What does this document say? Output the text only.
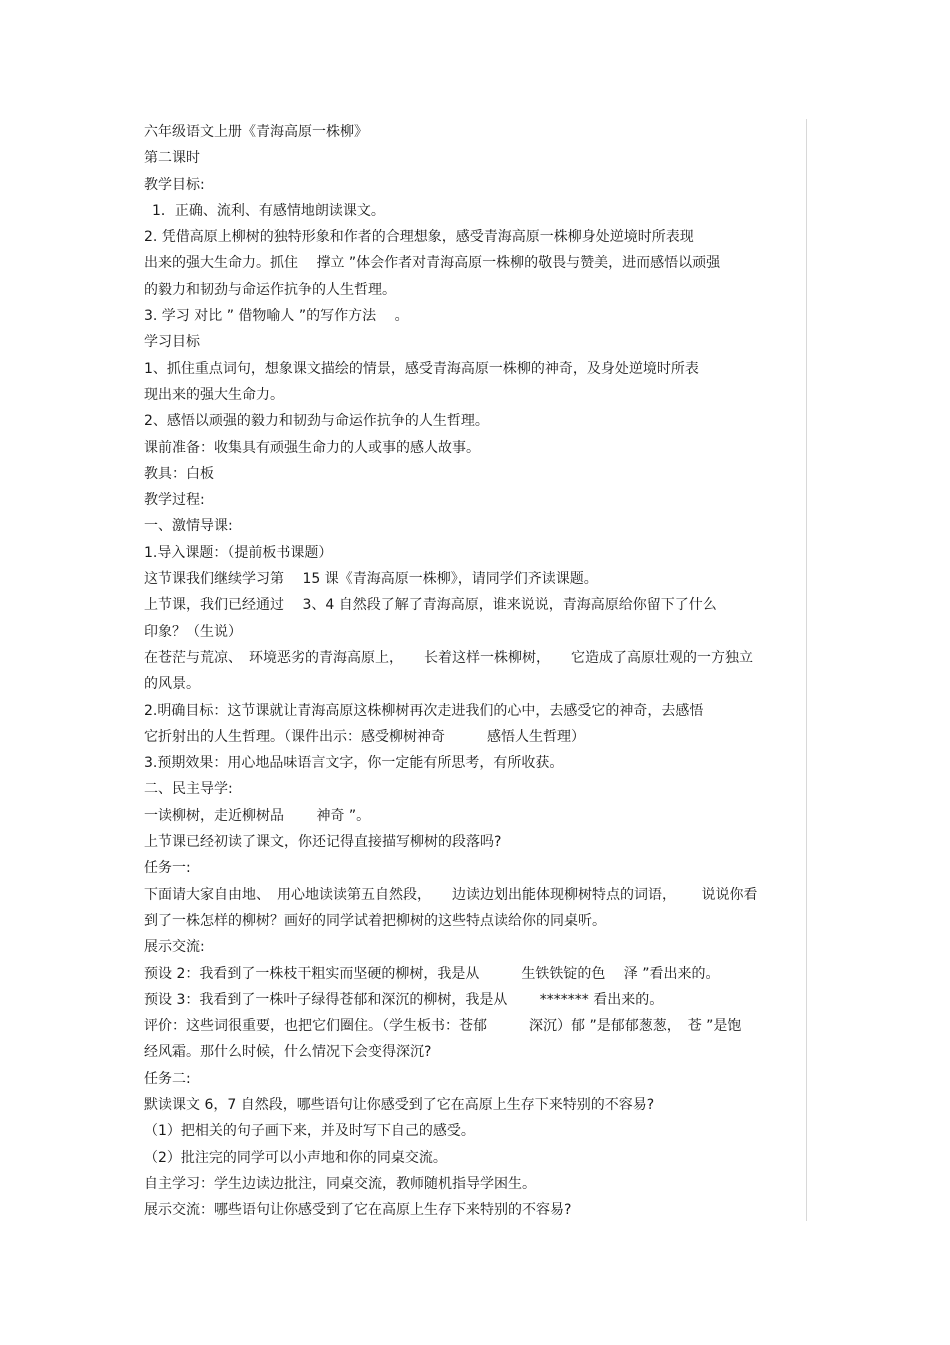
六年级语文上册《青海高原一株柳》
第二课时
教学目标:
1．正确、流利、有感情地朗读课文。
2. 凭借高原上柳树的独特形象和作者的合理想象，感受青海高原一株柳身处逆境时所表现
出来的强大生命力。抓住　 撑立 ”体会作者对青海高原一株柳的敬畏与赞美，进而感悟以顽强
的毅力和韧劲与命运作抗争的人生哲理。
3. 学习 对比 ” 借物喻人 ”的写作方法　 。
学习目标
1、抓住重点词句，想象课文描绘的情景，感受青海高原一株柳的神奇，及身处逆境时所表
现出来的强大生命力。
2、感悟以顽强的毅力和韧劲与命运作抗争的人生哲理。
课前准备：收集具有顽强生命力的人或事的感人故事。
教具：白板
教学过程:
一、激情导课:
1.导入课题：（提前板书课题）
这节课我们继续学习第　 15 课《青海高原一株柳》，请同学们齐读课题。
上节课，我们已经通过　 3、4 自然段了解了青海高原，谁来说说，青海高原给你留下了什么
印象？（生说）
在苍茫与荒凉、　环境恶劣的青海高原上，　　长着这样一株柳树，　　它造成了高原壮观的一方独立
的风景。
2.明确目标：这节课就让青海高原这株柳树再次走进我们的心中，去感受它的神奇，去感悟
它折射出的人生哲理。（课件出示：感受柳树神奇　　　感悟人生哲理）
3.预期效果：用心地品味语言文字，你一定能有所思考，有所收获。
二、民主导学:
一读柳树，走近柳树品　　 神奇 ”。
上节课已经初读了课文，你还记得直接描写柳树的段落吗?
任务一:
下面请大家自由地、　用心地读读第五自然段，　　边读边划出能体现柳树特点的词语，　　 说说你看
到了一株怎样的柳树？画好的同学试着把柳树的这些特点读给你的同桌听。
展示交流:
预设 2：我看到了一株枝干粗实而坚硬的柳树，我是从　　　生铁铁锭的色　 泽 ”看出来的。
预设 3：我看到了一株叶子绿得苍郁和深沉的柳树，我是从　　 ******* 看出来的。
评价：这些词很重要，也把它们圈住。（学生板书：苍郁　　　深沉）郁 ”是郁郁葱葱，　苍 ”是饱
经风霜。那什么时候，什么情况下会变得深沉?
任务二:
默读课文 6，7 自然段，哪些语句让你感受到了它在高原上生存下来特别的不容易?
（1）把相关的句子画下来，并及时写下自己的感受。
（2）批注完的同学可以小声地和你的同桌交流。
自主学习：学生边读边批注，同桌交流，教师随机指导学困生。
展示交流：哪些语句让你感受到了它在高原上生存下来特别的不容易?
